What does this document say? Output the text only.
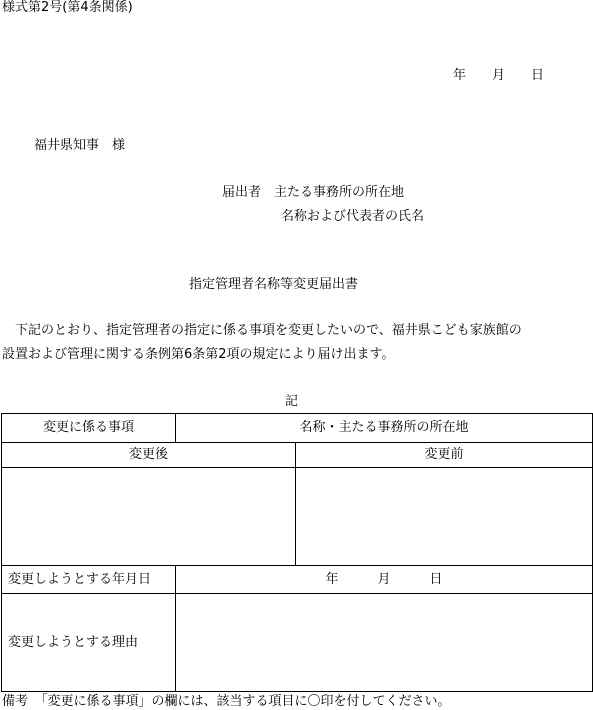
様式第2号(第4条関係)
年　　月　　日
福井県知事　様
届出者　主たる事務所の所在地
名称および代表者の氏名
指定管理者名称等変更届出書
下記のとおり、指定管理者の指定に係る事項を変更したいので、福井県こども家族館の
設置および管理に関する条例第6条第2項の規定により届け出ます。
記
変更に係る事項	名称・主たる事務所の所在地	
変更後		変更前

変更しようとする年月日	年　　　月　　　日	
変更しようとする理由		
備考　「変更に係る事項」の欄には、該当する項目に〇印を付してください。
